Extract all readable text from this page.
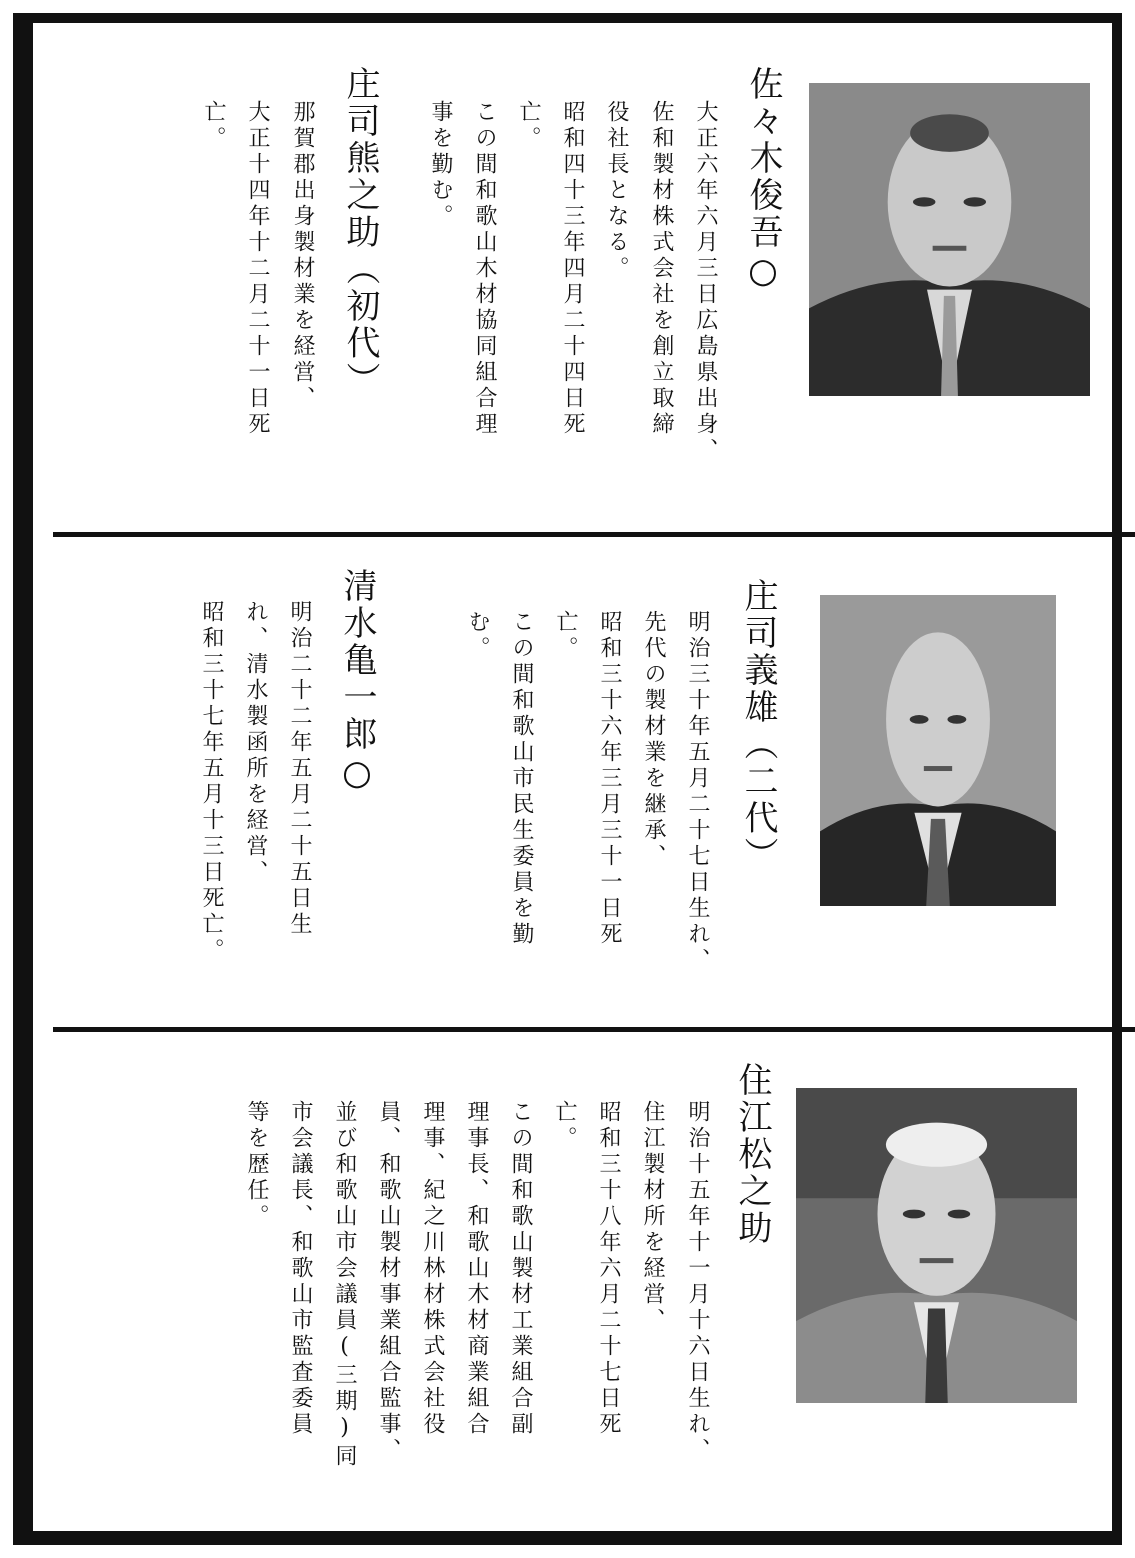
佐々木俊吾○
大正六年六月三日広島県出身、
佐和製材株式会社を創立取締
役社長となる。
昭和四十三年四月二十四日死
亡。
この間和歌山木材協同組合理
事を勤む。
庄司熊之助（初代）
那賀郡出身製材業を経営、
大正十四年十二月二十一日死
亡。
庄司義雄（二代）
明治三十年五月二十七日生れ、
先代の製材業を継承、
昭和三十六年三月三十一日死
亡。
この間和歌山市民生委員を勤
む。
清水亀一郎○
明治二十二年五月二十五日生
れ、清水製函所を経営、
昭和三十七年五月十三日死亡。
住江松之助
明治十五年十一月十六日生れ、
住江製材所を経営、
昭和三十八年六月二十七日死
亡。
この間和歌山製材工業組合副
理事長、和歌山木材商業組合
理事、紀之川林材株式会社役
員、和歌山製材事業組合監事、
並び和歌山市会議員(三期)同
市会議長、和歌山市監査委員
等を歴任。
